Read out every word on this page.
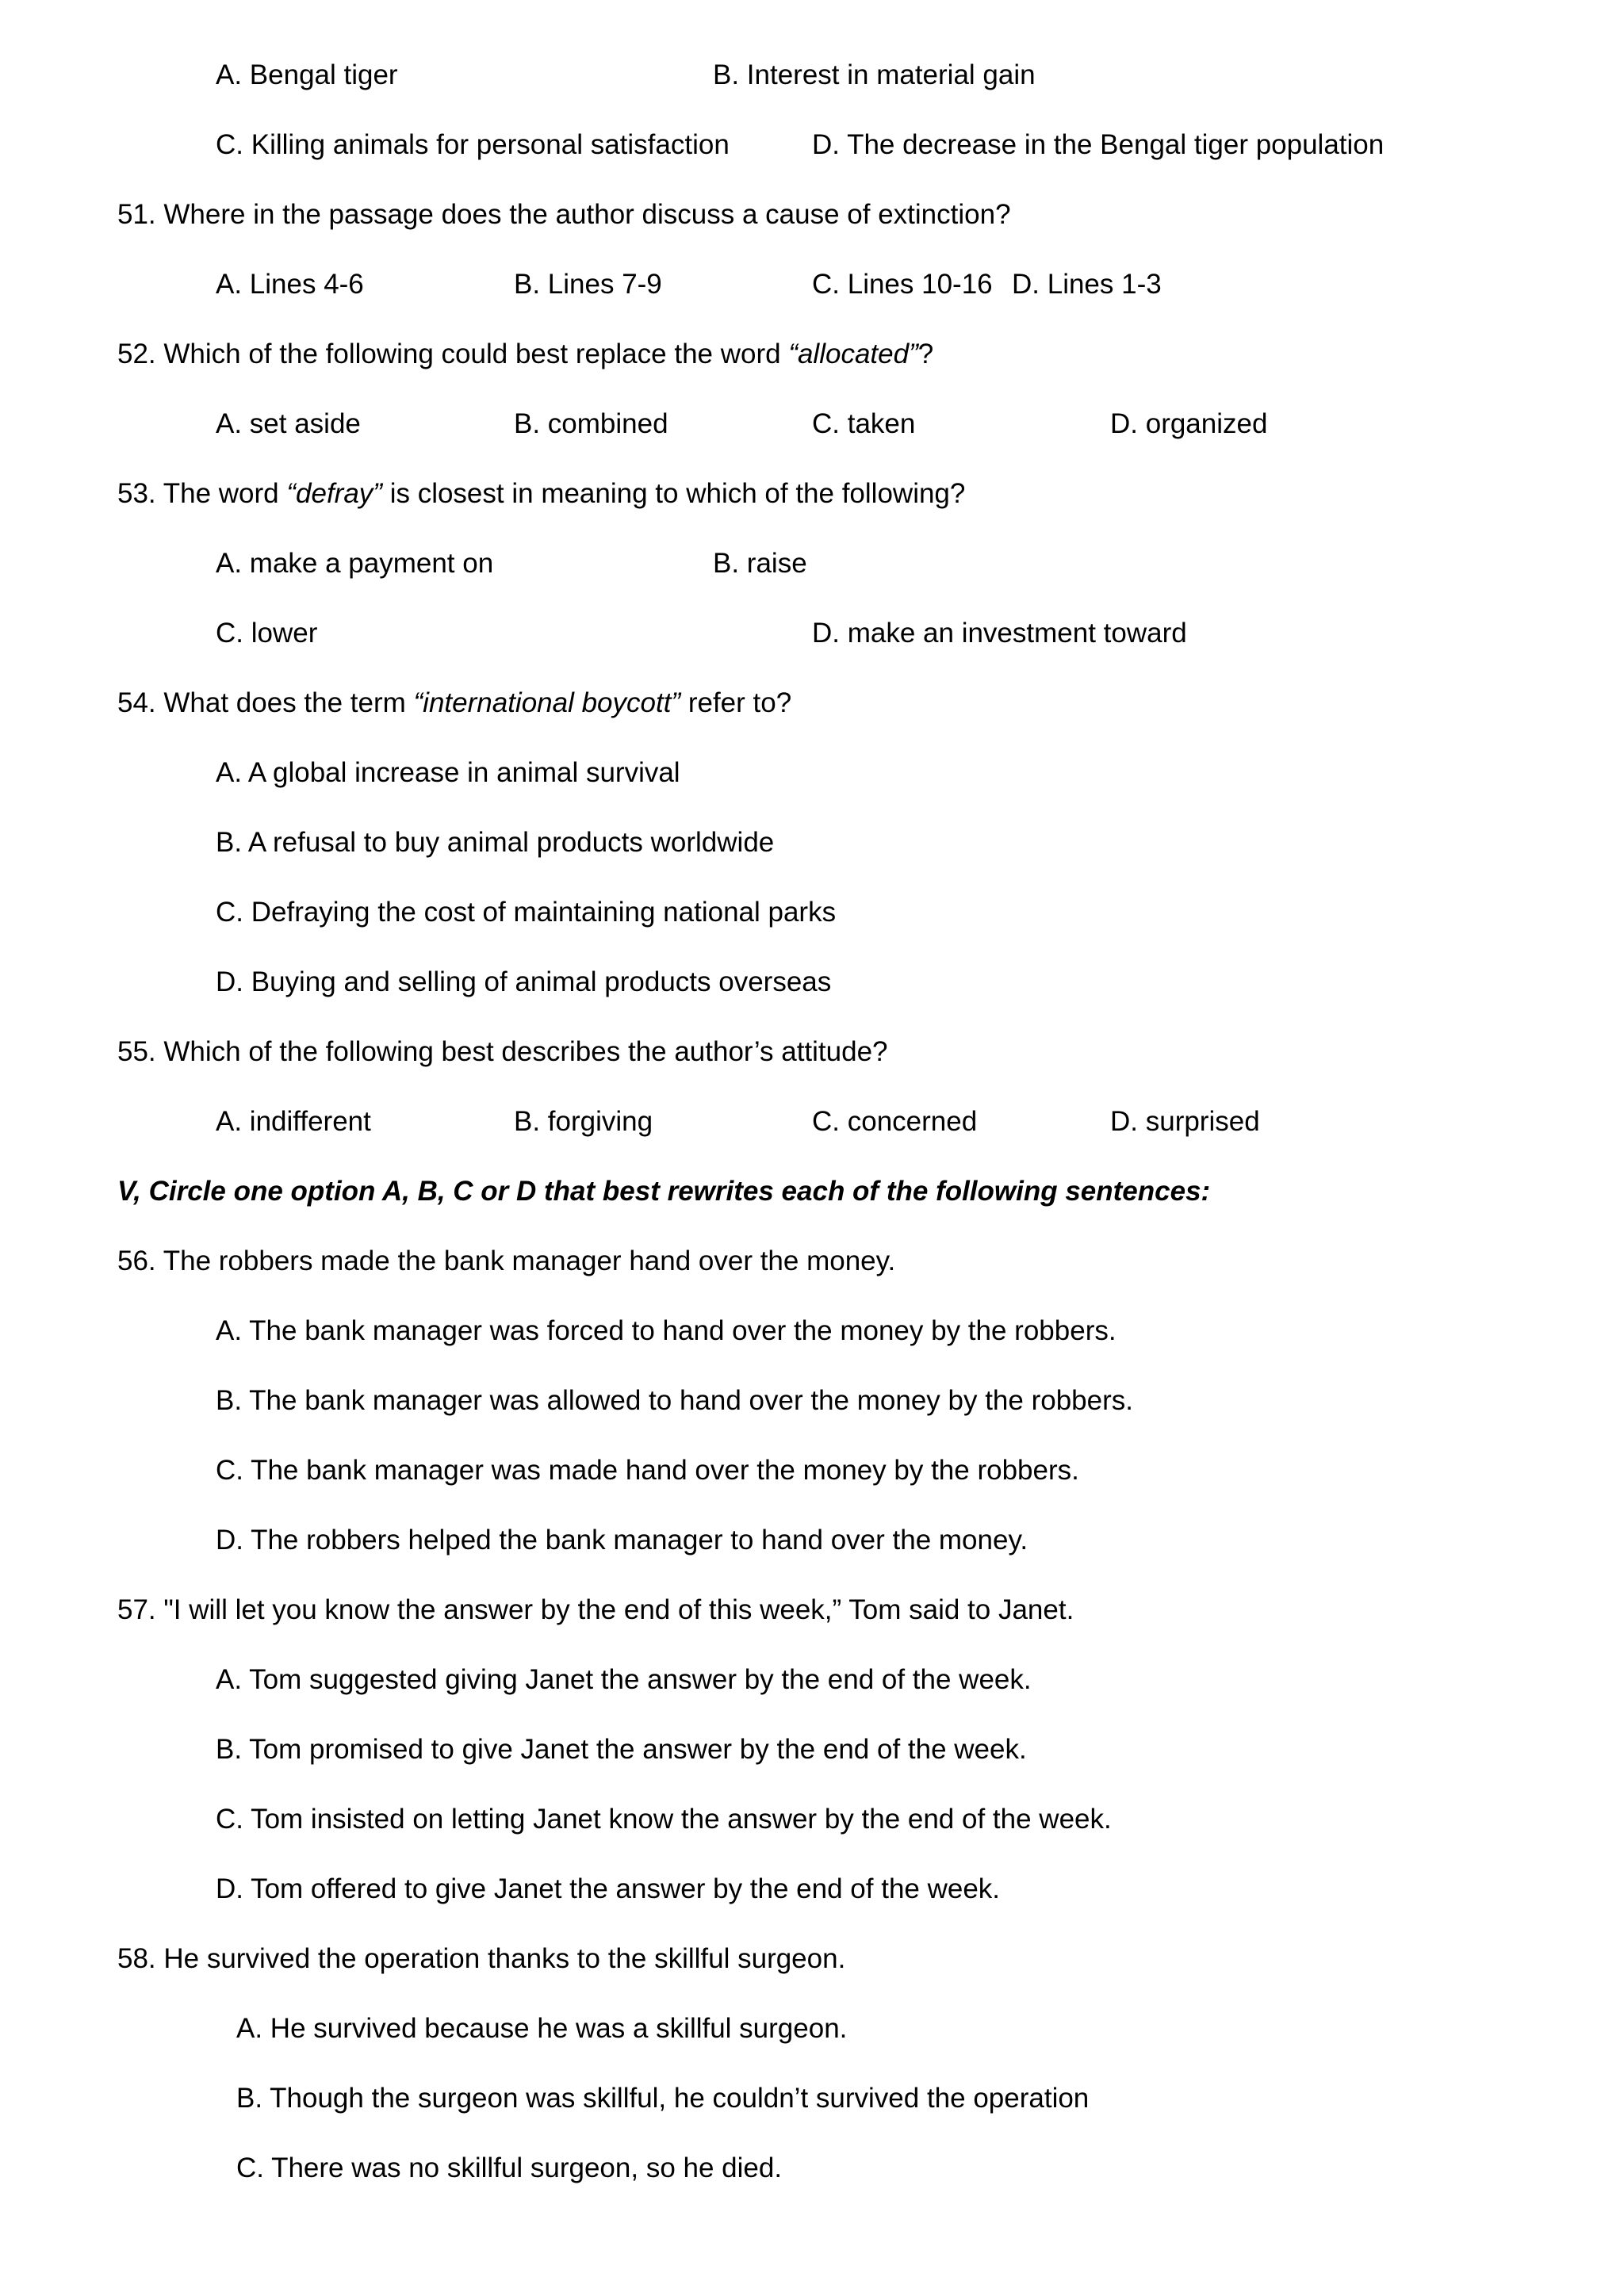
A. Bengal tiger	B. Interest in material gain
C. Killing animals for personal satisfaction	D. The decrease in the Bengal tiger population
51. Where in the passage does the author discuss a cause of extinction?
A. Lines 4-6	B. Lines 7-9	C. Lines 10-16 D. Lines 1-3
52. Which of the following could best replace the word “allocated”?
A. set aside	B. combined	C. taken	D. organized
53. The word “defray” is closest in meaning to which of the following?
A. make a payment on	B. raise
C. lower	D. make an investment toward
54. What does the term “international boycott” refer to?
A. A global increase in animal survival
B. A refusal to buy animal products worldwide
C. Defraying the cost of maintaining national parks
D. Buying and selling of animal products overseas
55. Which of the following best describes the author’s attitude?
A. indifferent	B. forgiving	C. concerned	D. surprised
V, Circle one option A, B, C or D that best rewrites each of the following sentences:
56. The robbers made the bank manager hand over the money.
A. The bank manager was forced to hand over the money by the robbers.
B. The bank manager was allowed to hand over the money by the robbers.
C. The bank manager was made hand over the money by the robbers.
D. The robbers helped the bank manager to hand over the money.
57. "I will let you know the answer by the end of this week,” Tom said to Janet.
A. Tom suggested giving Janet the answer by the end of the week.
B. Tom promised to give Janet the answer by the end of the week.
C. Tom insisted on letting Janet know the answer by the end of the week.
D. Tom offered to give Janet the answer by the end of the week.
58. He survived the operation thanks to the skillful surgeon.
A. He survived because he was a skillful surgeon.
B. Though the surgeon was skillful, he couldn’t survived the operation
C. There was no skillful surgeon, so he died.
